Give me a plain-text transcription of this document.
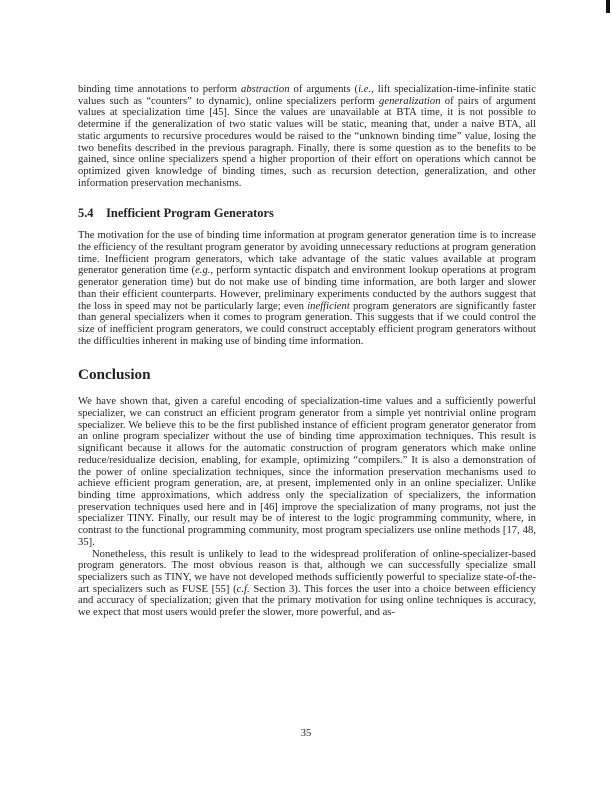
binding time annotations to perform abstraction of arguments (i.e., lift specialization-time-infinite static values such as “counters” to dynamic), online specializers perform generalization of pairs of argument values at specialization time [45]. Since the values are unavailable at BTA time, it is not possible to determine if the generalization of two static values will be static, meaning that, under a naive BTA, all static arguments to recursive procedures would be raised to the “unknown binding time” value, losing the two benefits described in the previous paragraph. Finally, there is some question as to the benefits to be gained, since online specializers spend a higher proportion of their effort on operations which cannot be optimized given knowledge of binding times, such as recursion detection, generalization, and other information preservation mechanisms.

5.4 Inefficient Program Generators

The motivation for the use of binding time information at program generator generation time is to increase the efficiency of the resultant program generator by avoiding unnecessary reductions at program generation time. Inefficient program generators, which take advantage of the static values available at program generator generation time (e.g., perform syntactic dispatch and environment lookup operations at program generator generation time) but do not make use of binding time information, are both larger and slower than their efficient counterparts. However, preliminary experiments conducted by the authors suggest that the loss in speed may not be particularly large; even inefficient program generators are significantly faster than general specializers when it comes to program generation. This suggests that if we could control the size of inefficient program generators, we could construct acceptably efficient program generators without the difficulties inherent in making use of binding time information.

Conclusion

We have shown that, given a careful encoding of specialization-time values and a sufficiently powerful specializer, we can construct an efficient program generator from a simple yet nontrivial online program specializer. We believe this to be the first published instance of efficient program generator generator from an online program specializer without the use of binding time approximation techniques. This result is significant because it allows for the automatic construction of program generators which make online reduce/residualize decision, enabling, for example, optimizing “compilers.” It is also a demonstration of the power of online specialization techniques, since the information preservation mechanisms used to achieve efficient program generation, are, at present, implemented only in an online specializer. Unlike binding time approximations, which address only the specialization of specializers, the information preservation techniques used here and in [46] improve the specialization of many programs, not just the specializer TINY. Finally, our result may be of interest to the logic programming community, where, in contrast to the functional programming community, most program specializers use online methods [17, 48, 35].

Nonetheless, this result is unlikely to lead to the widespread proliferation of online-specializer-based program generators. The most obvious reason is that, although we can successfully specialize small specializers such as TINY, we have not developed methods sufficiently powerful to specialize state-of-the-art specializers such as FUSE [55] (c.f. Section 3). This forces the user into a choice between efficiency and accuracy of specialization; given that the primary motivation for using online techniques is accuracy, we expect that most users would prefer the slower, more powerful, and as-

35
